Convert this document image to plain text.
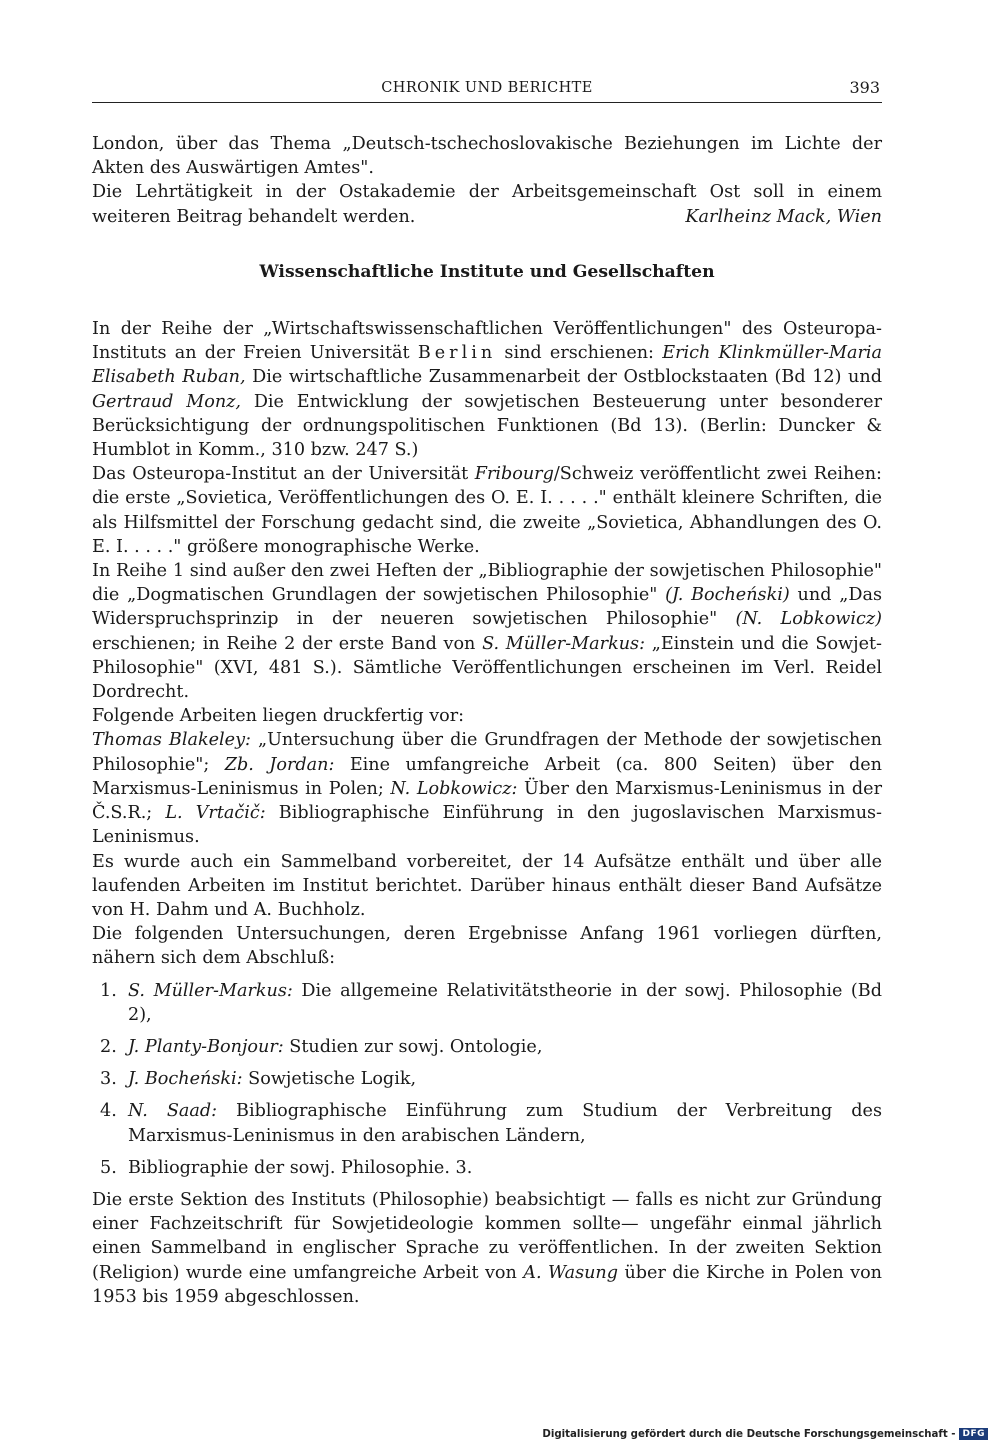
CHRONIK UND BERICHTE	393

London, über das Thema „Deutsch-tschechoslovakische Beziehungen im Lichte der Akten des Auswärtigen Amtes".

Die Lehrtätigkeit in der Ostakademie der Arbeitsgemeinschaft Ost soll in einem weiteren Beitrag behandelt werden.	Karlheinz Mack, Wien

Wissenschaftliche Institute und Gesellschaften

In der Reihe der „Wirtschaftswissenschaftlichen Veröffentlichungen" des Osteuropa-Instituts an der Freien Universität Berlin sind erschienen: Erich Klinkmüller-Maria Elisabeth Ruban, Die wirtschaftliche Zusammenarbeit der Ostblockstaaten (Bd 12) und Gertraud Monz, Die Entwicklung der sowjetischen Besteuerung unter besonderer Berücksichtigung der ordnungspolitischen Funktionen (Bd 13). (Berlin: Duncker & Humblot in Komm., 310 bzw. 247 S.)

Das Osteuropa-Institut an der Universität Fribourg/Schweiz veröffentlicht zwei Reihen: die erste „Sovietica, Veröffentlichungen des O. E. I. . . . ." enthält kleinere Schriften, die als Hilfsmittel der Forschung gedacht sind, die zweite „Sovietica, Abhandlungen des O. E. I. . . . ." größere monographische Werke.

In Reihe 1 sind außer den zwei Heften der „Bibliographie der sowjetischen Philosophie" die „Dogmatischen Grundlagen der sowjetischen Philosophie" (J. Bocheński) und „Das Widerspruchsprinzip in der neueren sowjetischen Philosophie" (N. Lobkowicz) erschienen; in Reihe 2 der erste Band von S. Müller-Markus: „Einstein und die Sowjet-Philosophie" (XVI, 481 S.). Sämtliche Veröffentlichungen erscheinen im Verl. Reidel Dordrecht.

Folgende Arbeiten liegen druckfertig vor:

Thomas Blakeley: „Untersuchung über die Grundfragen der Methode der sowjetischen Philosophie"; Zb. Jordan: Eine umfangreiche Arbeit (ca. 800 Seiten) über den Marxismus-Leninismus in Polen; N. Lobkowicz: Über den Marxismus-Leninismus in der Č.S.R.; L. Vrtačič: Bibliographische Einführung in den jugoslavischen Marxismus-Leninismus.

Es wurde auch ein Sammelband vorbereitet, der 14 Aufsätze enthält und über alle laufenden Arbeiten im Institut berichtet. Darüber hinaus enthält dieser Band Aufsätze von H. Dahm und A. Buchholz.

Die folgenden Untersuchungen, deren Ergebnisse Anfang 1961 vorliegen dürften, nähern sich dem Abschluß:

1. S. Müller-Markus: Die allgemeine Relativitätstheorie in der sowj. Philosophie (Bd 2),
2. J. Planty-Bonjour: Studien zur sowj. Ontologie,
3. J. Bocheński: Sowjetische Logik,
4. N. Saad: Bibliographische Einführung zum Studium der Verbreitung des Marxismus-Leninismus in den arabischen Ländern,
5. Bibliographie der sowj. Philosophie. 3.

Die erste Sektion des Instituts (Philosophie) beabsichtigt — falls es nicht zur Gründung einer Fachzeitschrift für Sowjetideologie kommen sollte— ungefähr einmal jährlich einen Sammelband in englischer Sprache zu veröffentlichen. In der zweiten Sektion (Religion) wurde eine umfangreiche Arbeit von A. Wasung über die Kirche in Polen von 1953 bis 1959 abgeschlossen.

Digitalisierung gefördert durch die Deutsche Forschungsgemeinschaft - DFG
